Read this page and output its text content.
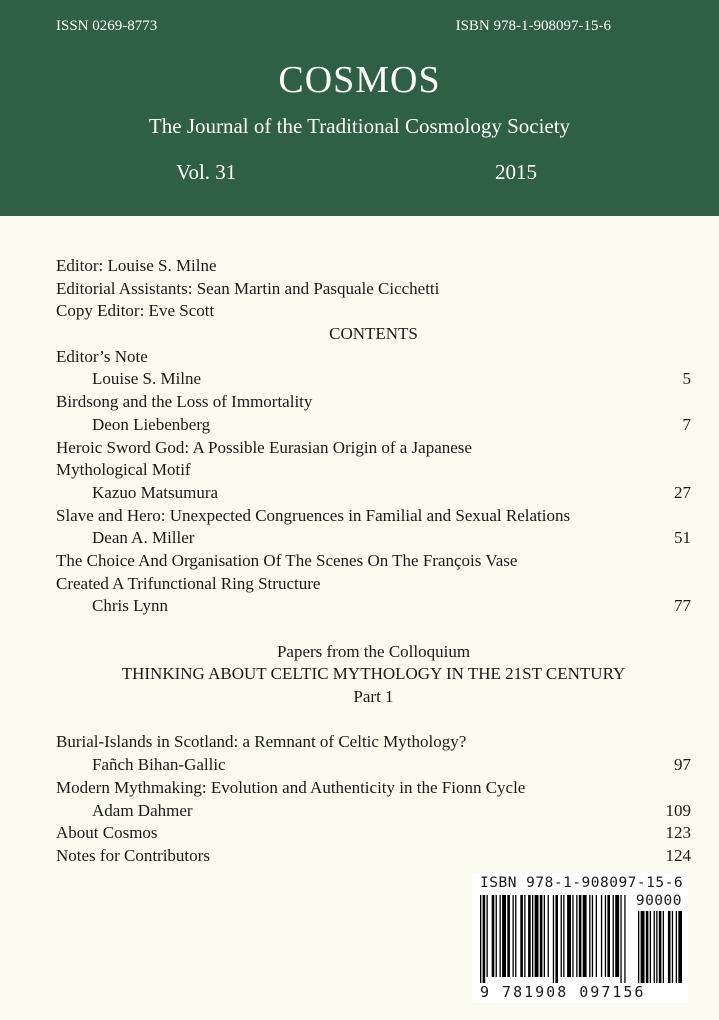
ISSN 0269-8773	ISBN 978-1-908097-15-6
COSMOS
The Journal of the Traditional Cosmology Society
Vol. 31	2015
Editor: Louise S. Milne
Editorial Assistants: Sean Martin and Pasquale Cicchetti
Copy Editor: Eve Scott
CONTENTS
Editor’s Note
Louise S. Milne	5
Birdsong and the Loss of Immortality
Deon Liebenberg	7
Heroic Sword God: A Possible Eurasian Origin of a Japanese
Mythological Motif
Kazuo Matsumura	27
Slave and Hero: Unexpected Congruences in Familial and Sexual Relations
Dean A. Miller	51
The Choice And Organisation Of The Scenes On The François Vase
Created A Trifunctional Ring Structure
Chris Lynn	77
Papers from the Colloquium
THINKING ABOUT CELTIC MYTHOLOGY IN THE 21ST CENTURY
Part 1
Burial-Islands in Scotland: a Remnant of Celtic Mythology?
Fañch Bihan-Gallic	97
Modern Mythmaking: Evolution and Authenticity in the Fionn Cycle
Adam Dahmer	109
About Cosmos	123
Notes for Contributors	124
ISBN 978-1-908097-15-6
90000
9 781908 097156
